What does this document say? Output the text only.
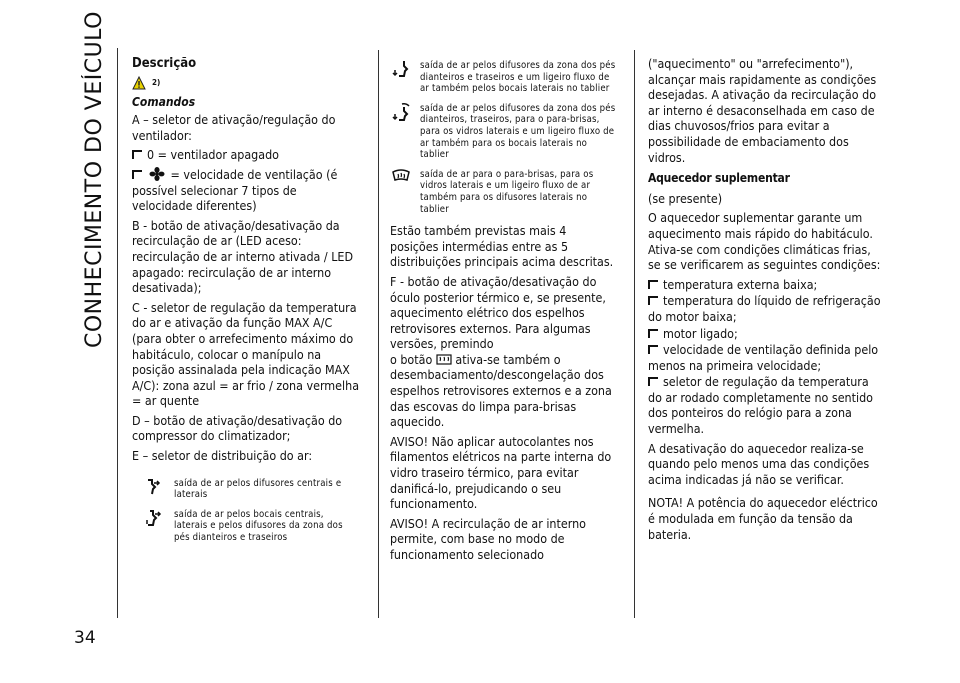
CONHECIMENTO DO VEÍCULO
34
Descrição
2)
Comandos

A – seletor de ativação/regulação do ventilador:

0 = ventilador apagado

= velocidade de ventilação (é possível selecionar 7 tipos de velocidade diferentes)

B - botão de ativação/desativação da recirculação de ar (LED aceso: recirculação de ar interno ativada / LED apagado: recirculação de ar interno desativada);

C - seletor de regulação da temperatura do ar e ativação da função MAX A/C (para obter o arrefecimento máximo do habitáculo, colocar o manípulo na posição assinalada pela indicação MAX A/C): zona azul = ar frio / zona vermelha = ar quente

D – botão de ativação/desativação do compressor do climatizador;

E – seletor de distribuição do ar:

saída de ar pelos difusores centrais e laterais
saída de ar pelos bocais centrais, laterais e pelos difusores da zona dos pés dianteiros e traseiros
saída de ar pelos difusores da zona dos pés dianteiros e traseiros e um ligeiro fluxo de ar também pelos bocais laterais no tablier
saída de ar pelos difusores da zona dos pés dianteiros, traseiros, para o para-brisas, para os vidros laterais e um ligeiro fluxo de ar também para os bocais laterais no tablier
saída de ar para o para-brisas, para os vidros laterais e um ligeiro fluxo de ar também para os difusores laterais no tablier

Estão também previstas mais 4 posições intermédias entre as 5 distribuições principais acima descritas.

F - botão de ativação/desativação do óculo posterior térmico e, se presente, aquecimento elétrico dos espelhos retrovisores externos. Para algumas versões, premindo

o botão ativa-se também o desembaciamento/descongelação dos espelhos retrovisores externos e a zona das escovas do limpa para-brisas aquecido.

AVISO! Não aplicar autocolantes nos filamentos elétricos na parte interna do vidro traseiro térmico, para evitar danificá-lo, prejudicando o seu funcionamento.

AVISO! A recirculação de ar interno permite, com base no modo de funcionamento selecionado

("aquecimento" ou "arrefecimento"), alcançar mais rapidamente as condições desejadas. A ativação da recirculação do ar interno é desaconselhada em caso de dias chuvosos/frios para evitar a possibilidade de embaciamento dos vidros.

Aquecedor suplementar

(se presente)

O aquecedor suplementar garante um aquecimento mais rápido do habitáculo. Ativa-se com condições climáticas frias, se se verificarem as seguintes condições:

temperatura externa baixa;

temperatura do líquido de refrigeração do motor baixa;

motor ligado;

velocidade de ventilação definida pelo menos na primeira velocidade;

seletor de regulação da temperatura do ar rodado completamente no sentido dos ponteiros do relógio para a zona vermelha.

A desativação do aquecedor realiza-se quando pelo menos uma das condições acima indicadas já não se verificar.

NOTA! A potência do aquecedor eléctrico é modulada em função da tensão da bateria.
